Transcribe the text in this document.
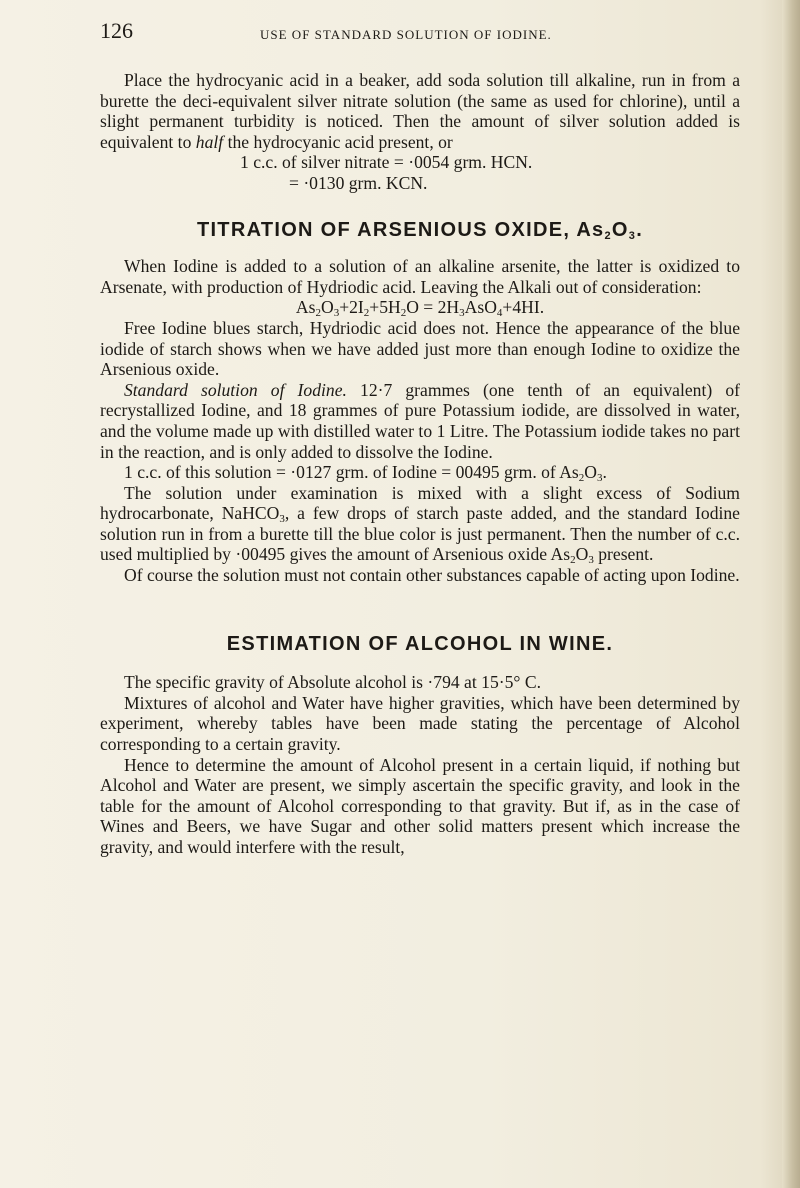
126	USE OF STANDARD SOLUTION OF IODINE.

Place the hydrocyanic acid in a beaker, add soda solution till alkaline, run in from a burette the deci-equivalent silver nitrate solution (the same as used for chlorine), until a slight permanent turbidity is noticed. Then the amount of silver solution added is equivalent to half the hydrocyanic acid present, or

1 c.c. of silver nitrate = ·0054 grm. HCN.
= ·0130 grm. KCN.
TITRATION OF ARSENIOUS OXIDE, $As_2O_3$.

When Iodine is added to a solution of an alkaline arsenite, the latter is oxidized to Arsenate, with production of Hydriodic acid. Leaving the Alkali out of consideration:

$As_2O_3+2I_2+5H_2O = 2H_3AsO_4+4HI$.

Free Iodine blues starch, Hydriodic acid does not. Hence the appearance of the blue iodide of starch shows when we have added just more than enough Iodine to oxidize the Arsenious oxide.

Standard solution of Iodine. 12·7 grammes (one tenth of an equivalent) of recrystallized Iodine, and 18 grammes of pure Potassium iodide, are dissolved in water, and the volume made up with distilled water to 1 Litre. The Potassium iodide takes no part in the reaction, and is only added to dissolve the Iodine.

1 c.c. of this solution = ·0127 grm. of Iodine = 00495 grm. of $As_2O_3$.

The solution under examination is mixed with a slight excess of Sodium hydrocarbonate, NaHCO$_3$, a few drops of starch paste added, and the standard Iodine solution run in from a burette till the blue color is just permanent. Then the number of c.c. used multiplied by ·00495 gives the amount of Arsenious oxide $As_2O_3$ present.

Of course the solution must not contain other substances capable of acting upon Iodine.

ESTIMATION OF ALCOHOL IN WINE.

The specific gravity of Absolute alcohol is ·794 at 15·5° C.

Mixtures of alcohol and Water have higher gravities, which have been determined by experiment, whereby tables have been made stating the percentage of Alcohol corresponding to a certain gravity.

Hence to determine the amount of Alcohol present in a certain liquid, if nothing but Alcohol and Water are present, we simply ascertain the specific gravity, and look in the table for the amount of Alcohol corresponding to that gravity. But if, as in the case of Wines and Beers, we have Sugar and other solid matters present which increase the gravity, and would interfere with the result,
